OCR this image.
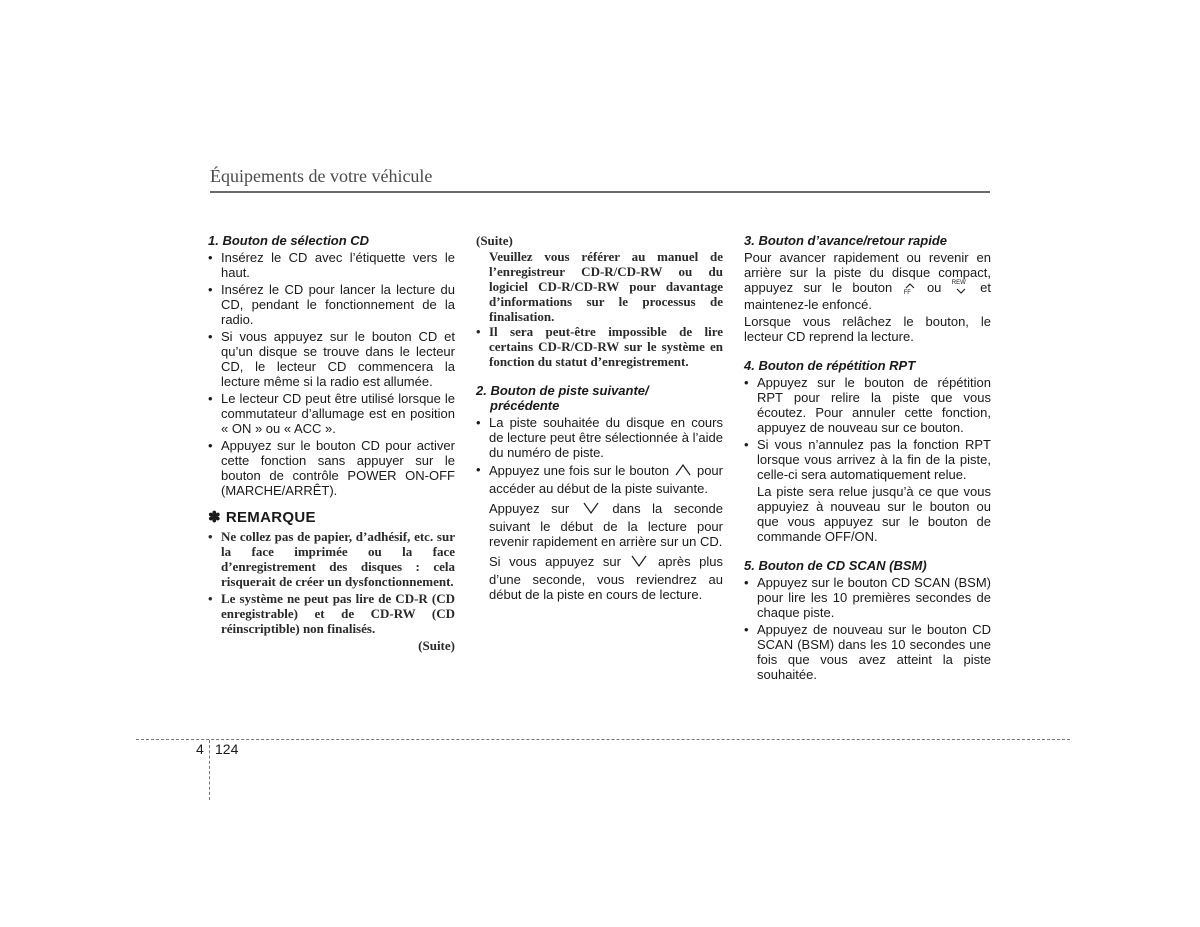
Équipements de votre véhicule
1. Bouton de sélection CD
• Insérez le CD avec l’étiquette vers le haut.
• Insérez le CD pour lancer la lecture du CD, pendant le fonctionnement de la radio.
• Si vous appuyez sur le bouton CD et qu’un disque se trouve dans le lecteur CD, le lecteur CD commencera la lecture même si la radio est allumée.
• Le lecteur CD peut être utilisé lorsque le commutateur d’allumage est en position « ON » ou « ACC ».
• Appuyez sur le bouton CD pour activer cette fonction sans appuyer sur le bouton de contrôle POWER ON-OFF (MARCHE/ARRÊT).
✽ REMARQUE
• Ne collez pas de papier, d’adhésif, etc. sur la face imprimée ou la face d’enregistrement des disques : cela risquerait de créer un dysfonctionnement.
• Le système ne peut pas lire de CD-R (CD enregistrable) et de CD-RW (CD réinscriptible) non finalisés.
(Suite)
(Suite)
Veuillez vous référer au manuel de l’enregistreur CD-R/CD-RW ou du logiciel CD-R/CD-RW pour davantage d’informations sur le processus de finalisation.
• Il sera peut-être impossible de lire certains CD-R/CD-RW sur le système en fonction du statut d’enregistrement.
2. Bouton de piste suivante/
précédente
• La piste souhaitée du disque en cours de lecture peut être sélectionnée à l’aide du numéro de piste.
• Appuyez une fois sur le bouton pour accéder au début de la piste suivante.
Appuyez sur	dans la seconde suivant le début de la lecture pour revenir rapidement en arrière sur un CD.
Si vous appuyez sur	après plus d’une seconde, vous reviendrez au début de la piste en cours de lecture.
3. Bouton d’avance/retour rapide
Pour avancer rapidement ou revenir en arrière sur la piste du disque compact, appuyez sur le bouton FF ou REW et maintenez-le enfoncé.
Lorsque vous relâchez le bouton, le lecteur CD reprend la lecture.
4. Bouton de répétition RPT
• Appuyez sur le bouton de répétition RPT pour relire la piste que vous écoutez. Pour annuler cette fonction, appuyez de nouveau sur ce bouton.
• Si vous n’annulez pas la fonction RPT lorsque vous arrivez à la fin de la piste, celle-ci sera automatiquement relue.
La piste sera relue jusqu’à ce que vous appuyiez à nouveau sur le bouton ou que vous appuyez sur le bouton de commande OFF/ON.
5. Bouton de CD SCAN (BSM)
• Appuyez sur le bouton CD SCAN (BSM) pour lire les 10 premières secondes de chaque piste.
• Appuyez de nouveau sur le bouton CD SCAN (BSM) dans les 10 secondes une fois que vous avez atteint la piste souhaitée.
4 124
